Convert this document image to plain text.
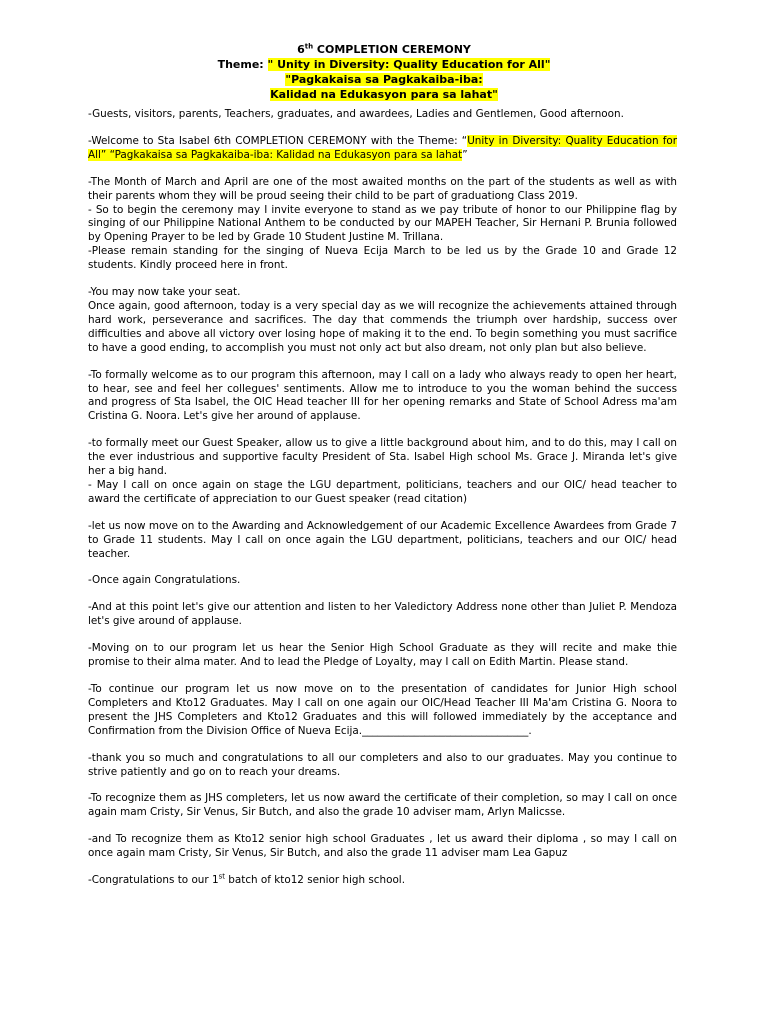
6th COMPLETION CEREMONY
Theme: " Unity in Diversity: Quality Education for All"
"Pagkakaisa sa Pagkakaiba-iba:
Kalidad na Edukasyon para sa lahat"

-Guests, visitors, parents, Teachers, graduates, and awardees, Ladies and Gentlemen, Good afternoon.

-Welcome to Sta Isabel 6th COMPLETION CEREMONY with the Theme: “Unity in Diversity: Quality Education for All” “Pagkakaisa sa Pagkakaiba-iba: Kalidad na Edukasyon para sa lahat”

-The Month of March and April are one of the most awaited months on the part of the students as well as with their parents whom they will be proud seeing their child to be part of graduationg Class 2019.

- So to begin the ceremony may I invite everyone to stand as we pay tribute of honor to our Philippine flag by singing of our Philippine National Anthem to be conducted by our MAPEH Teacher, Sir Hernani P. Brunia followed by Opening Prayer to be led by Grade 10 Student Justine M. Trillana.

-Please remain standing for the singing of Nueva Ecija March to be led us by the Grade 10 and Grade 12 students. Kindly proceed here in front.

-You may now take your seat.

Once again, good afternoon, today is a very special day as we will recognize the achievements attained through hard work, perseverance and sacrifices. The day that commends the triumph over hardship, success over difficulties and above all victory over losing hope of making it to the end. To begin something you must sacrifice to have a good ending, to accomplish you must not only act but also dream, not only plan but also believe.

-To formally welcome as to our program this afternoon, may I call on a lady who always ready to open her heart, to hear, see and feel her collegues' sentiments. Allow me to introduce to you the woman behind the success and progress of Sta Isabel, the OIC Head teacher III for her opening remarks and State of School Adress ma'am Cristina G. Noora. Let's give her around of applause.

-to formally meet our Guest Speaker, allow us to give a little background about him, and to do this, may I call on the ever industrious and supportive faculty President of Sta. Isabel High school Ms. Grace J. Miranda let's give her a big hand.

- May I call on once again on stage the LGU department, politicians, teachers and our OIC/ head teacher to award the certificate of appreciation to our Guest speaker (read citation)

-let us now move on to the Awarding and Acknowledgement of our Academic Excellence Awardees from Grade 7 to Grade 11 students. May I call on once again the LGU department, politicians, teachers and our OIC/ head teacher.

-Once again Congratulations.

-And at this point let's give our attention and listen to her Valedictory Address none other than Juliet P. Mendoza let's give around of applause.

-Moving on to our program let us hear the Senior High School Graduate as they will recite and make thie promise to their alma mater. And to lead the Pledge of Loyalty, may I call on Edith Martin. Please stand.

-To continue our program let us now move on to the presentation of candidates for Junior High school Completers and Kto12 Graduates. May I call on one again our OIC/Head Teacher III Ma'am Cristina G. Noora to present the JHS Completers and Kto12 Graduates and this will followed immediately by the acceptance and Confirmation from the Division Office of Nueva Ecija.________________________________.

-thank you so much and congratulations to all our completers and also to our graduates. May you continue to strive patiently and go on to reach your dreams.

-To recognize them as JHS completers, let us now award the certificate of their completion, so may I call on once again mam Cristy, Sir Venus, Sir Butch, and also the grade 10 adviser mam, Arlyn Malicsse.

-and To recognize them as Kto12 senior high school Graduates , let us award their diploma , so may I call on once again mam Cristy, Sir Venus, Sir Butch, and also the grade 11 adviser mam Lea Gapuz

-Congratulations to our 1st batch of kto12 senior high school.
